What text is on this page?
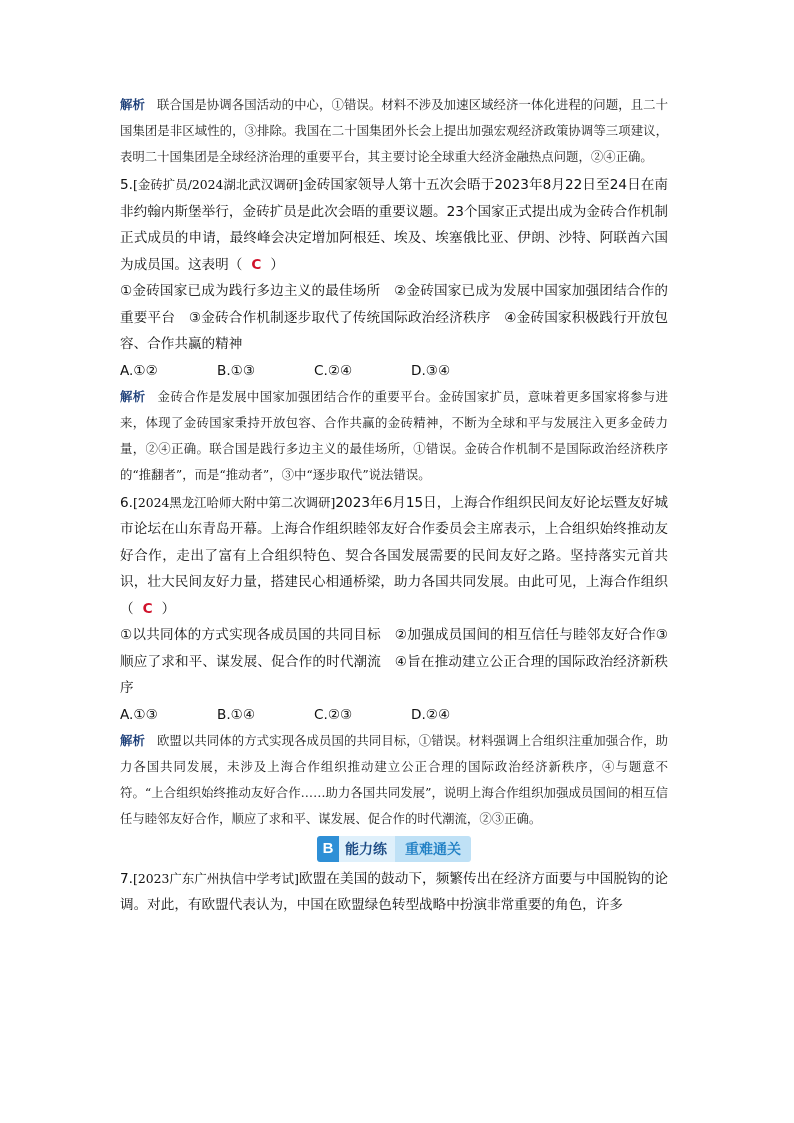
解析 联合国是协调各国活动的中心，①错误。材料不涉及加速区域经济一体化进程的问题，且二十国集团是非区域性的，③排除。我国在二十国集团外长会上提出加强宏观经济政策协调等三项建议，表明二十国集团是全球经济治理的重要平台，其主要讨论全球重大经济金融热点问题，②④正确。
5.[金砖扩员/2024湖北武汉调研]金砖国家领导人第十五次会晤于2023年8月22日至24日在南非约翰内斯堡举行，金砖扩员是此次会晤的重要议题。23个国家正式提出成为金砖合作机制正式成员的申请，最终峰会决定增加阿根廷、埃及、埃塞俄比亚、伊朗、沙特、阿联酋六国为成员国。这表明（ C ）
①金砖国家已成为践行多边主义的最佳场所　②金砖国家已成为发展中国家加强团结合作的重要平台　③金砖合作机制逐步取代了传统国际政治经济秩序　④金砖国家积极践行开放包容、合作共赢的精神
A.①②	B.①③	C.②④	D.③④
解析 金砖合作是发展中国家加强团结合作的重要平台。金砖国家扩员，意味着更多国家将参与进来，体现了金砖国家秉持开放包容、合作共赢的金砖精神，不断为全球和平与发展注入更多金砖力量，②④正确。联合国是践行多边主义的最佳场所，①错误。金砖合作机制不是国际政治经济秩序的“推翻者”，而是“推动者”，③中“逐步取代”说法错误。
6.[2024黑龙江哈师大附中第二次调研]2023年6月15日，上海合作组织民间友好论坛暨友好城市论坛在山东青岛开幕。上海合作组织睦邻友好合作委员会主席表示，上合组织始终推动友好合作，走出了富有上合组织特色、契合各国发展需要的民间友好之路。坚持落实元首共识，壮大民间友好力量，搭建民心相通桥梁，助力各国共同发展。由此可见，上海合作组织（ C ）
①以共同体的方式实现各成员国的共同目标　②加强成员国间的相互信任与睦邻友好合作③顺应了求和平、谋发展、促合作的时代潮流　④旨在推动建立公正合理的国际政治经济新秩序
A.①③	B.①④	C.②③	D.②④
解析 欧盟以共同体的方式实现各成员国的共同目标，①错误。材料强调上合组织注重加强合作，助力各国共同发展，未涉及上海合作组织推动建立公正合理的国际政治经济新秩序，④与题意不符。“上合组织始终推动友好合作……助力各国共同发展”，说明上海合作组织加强成员国间的相互信任与睦邻友好合作，顺应了求和平、谋发展、促合作的时代潮流，②③正确。
B 能力练	重难通关
7.[2023广东广州执信中学考试]欧盟在美国的鼓动下，频繁传出在经济方面要与中国脱钩的论调。对此，有欧盟代表认为，中国在欧盟绿色转型战略中扮演非常重要的角色，许多
